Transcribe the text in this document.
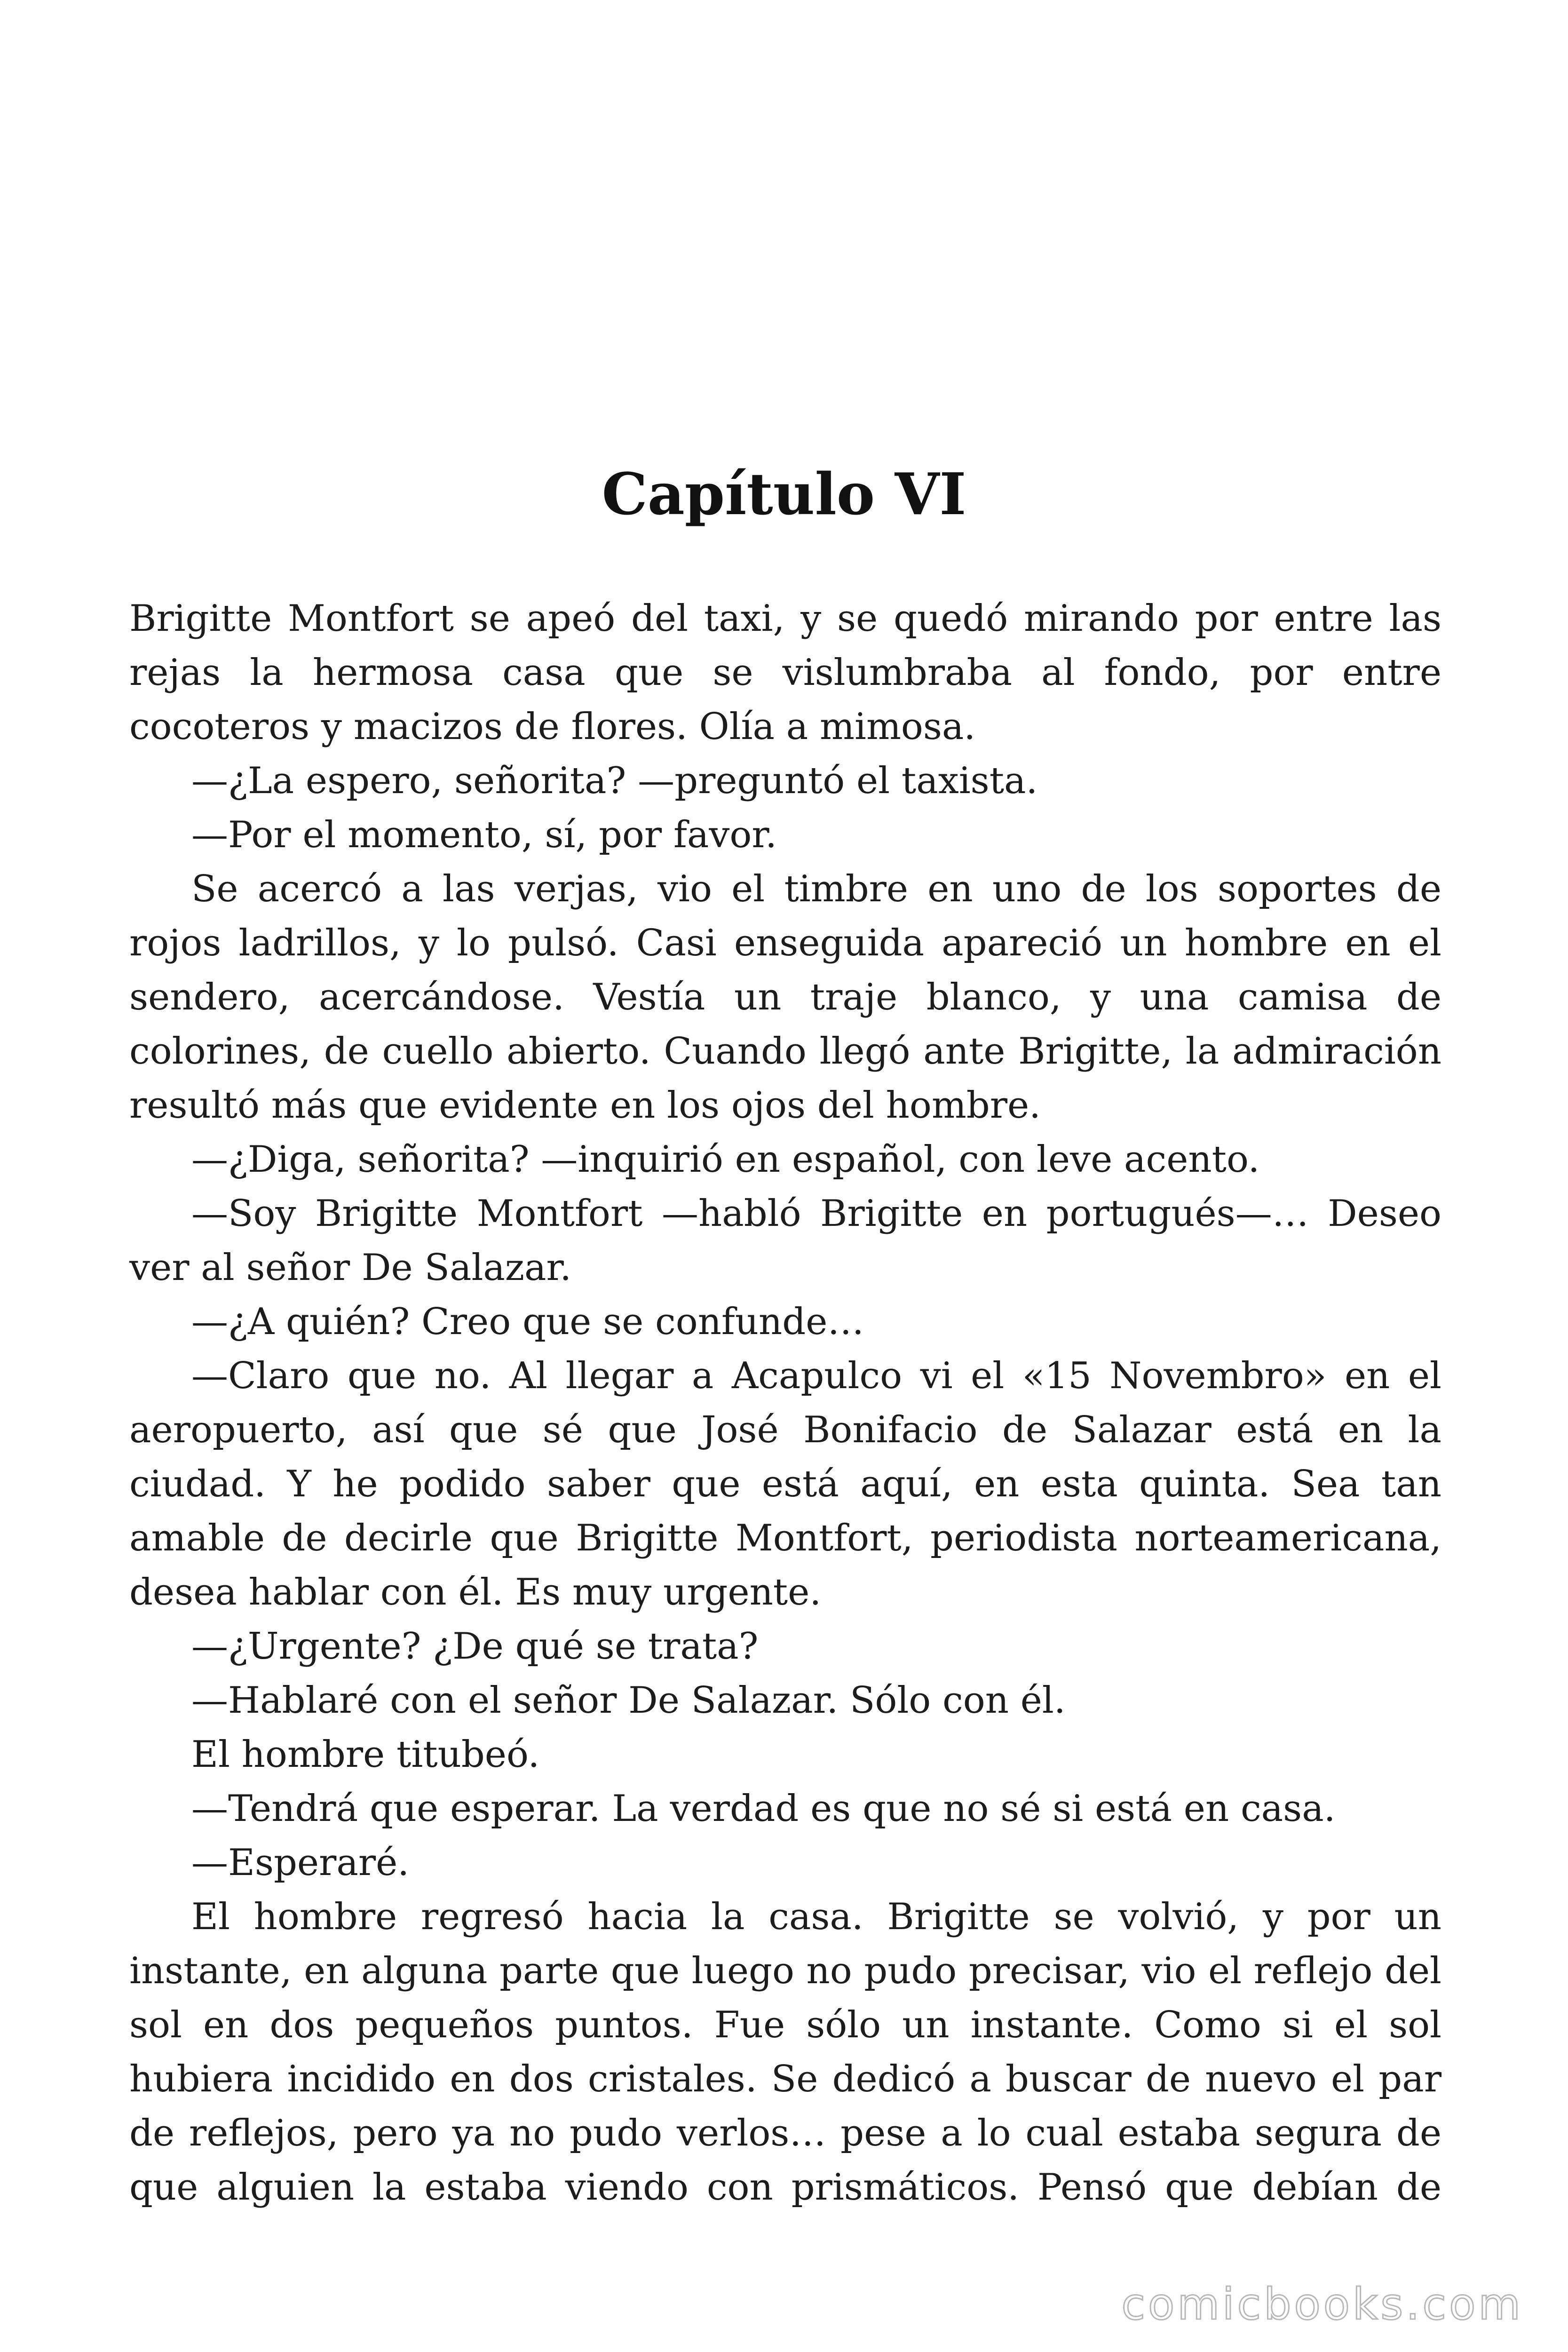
Capítulo VI

Brigitte Montfort se apeó del taxi, y se quedó mirando por entre las rejas la hermosa casa que se vislumbraba al fondo, por entre cocoteros y macizos de flores. Olía a mimosa.

—¿La espero, señorita? —preguntó el taxista.

—Por el momento, sí, por favor.

Se acercó a las verjas, vio el timbre en uno de los soportes de rojos ladrillos, y lo pulsó. Casi enseguida apareció un hombre en el sendero, acercándose. Vestía un traje blanco, y una camisa de colorines, de cuello abierto. Cuando llegó ante Brigitte, la admiración resultó más que evidente en los ojos del hombre.

—¿Diga, señorita? —inquirió en español, con leve acento.

—Soy Brigitte Montfort —habló Brigitte en portugués—… Deseo ver al señor De Salazar.

—¿A quién? Creo que se confunde…

—Claro que no. Al llegar a Acapulco vi el «15 Novembro» en el aeropuerto, así que sé que José Bonifacio de Salazar está en la ciudad. Y he podido saber que está aquí, en esta quinta. Sea tan amable de decirle que Brigitte Montfort, periodista norteamericana, desea hablar con él. Es muy urgente.

—¿Urgente? ¿De qué se trata?

—Hablaré con el señor De Salazar. Sólo con él.

El hombre titubeó.

—Tendrá que esperar. La verdad es que no sé si está en casa.

—Esperaré.

El hombre regresó hacia la casa. Brigitte se volvió, y por un instante, en alguna parte que luego no pudo precisar, vio el reflejo del sol en dos pequeños puntos. Fue sólo un instante. Como si el sol hubiera incidido en dos cristales. Se dedicó a buscar de nuevo el par de reflejos, pero ya no pudo verlos… pese a lo cual estaba segura de que alguien la estaba viendo con prismáticos. Pensó que debían de

comicbooks.com
